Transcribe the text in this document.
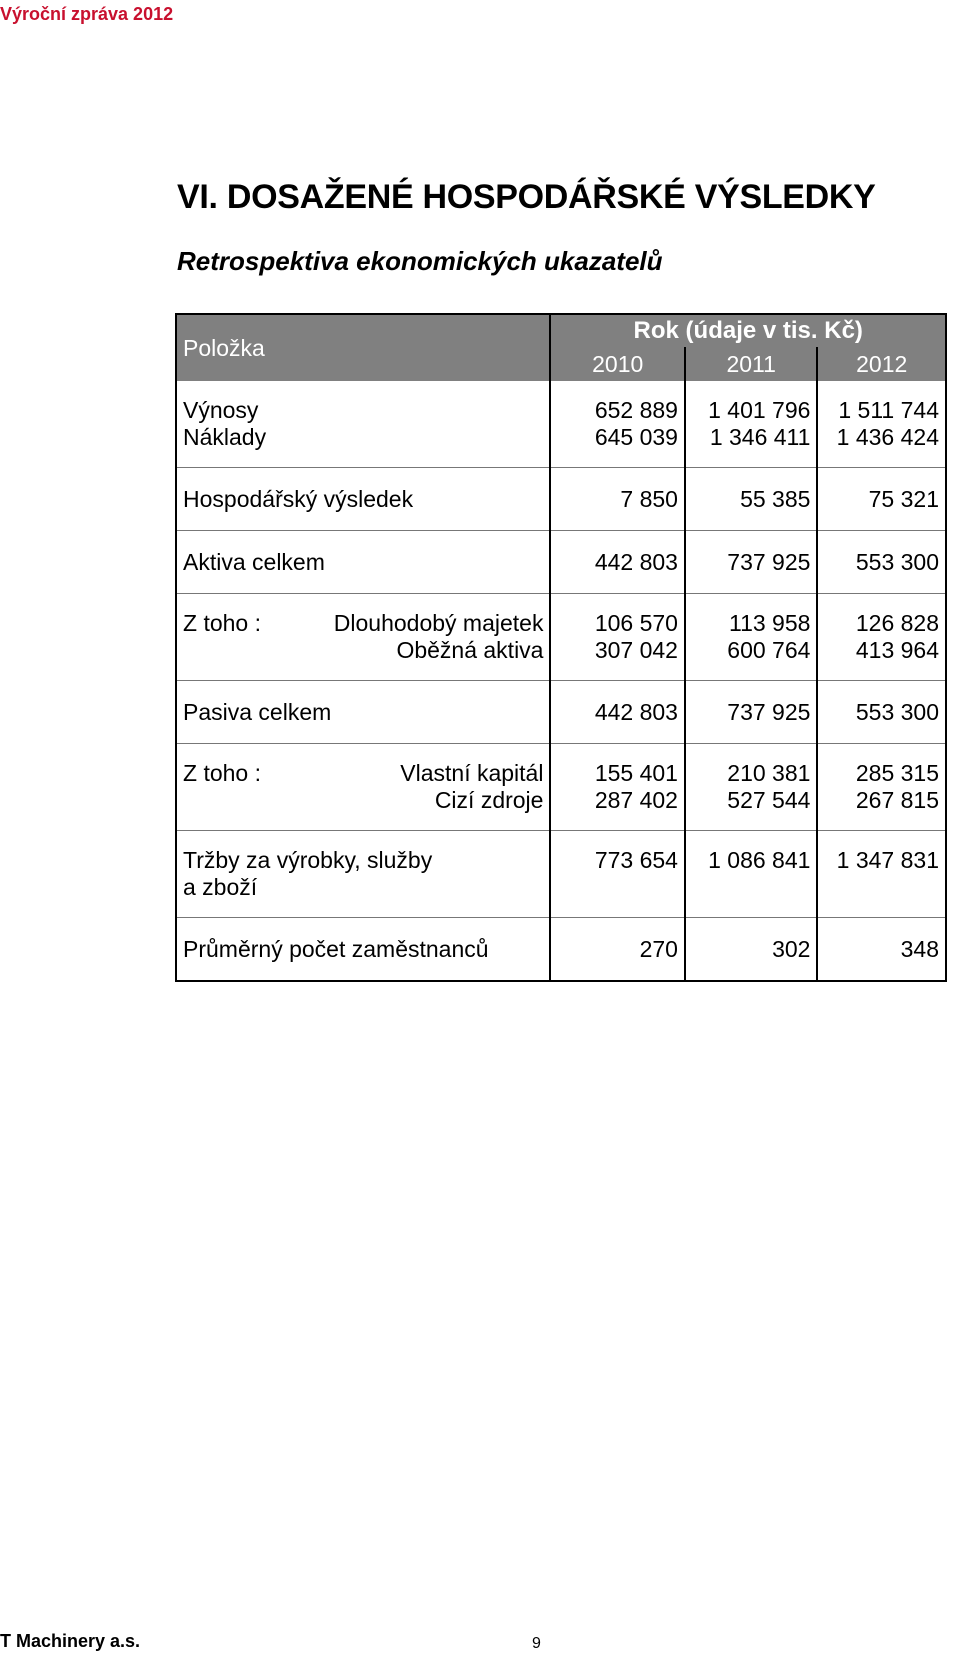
Výroční zpráva 2012
VI. DOSAŽENÉ HOSPODÁŘSKÉ VÝSLEDKY
Retrospektiva ekonomických ukazatelů
Položka	Rok (údaje v tis. Kč)		
	2010	2011	2012
Výnosy	652 889	1 401 796	1 511 744
Náklady	645 039	1 346 411	1 436 424
Hospodářský výsledek	7 850	55 385	75 321
Aktiva celkem	442 803	737 925	553 300

Z toho : Dlouhodobý majetek	106 570	113 958	126 828
Oběžná aktiva	307 042	600 764	413 964
Pasiva celkem	442 803	737 925	553 300

Z toho : Vlastní kapitál	155 401	210 381	285 315
Cizí zdroje	287 402	527 544	267 815

Tržby za výrobky, služby
a zboží	773 654	1 086 841	1 347 831
Průměrný počet zaměstnanců	270	302	348
T Machinery a.s.	9
